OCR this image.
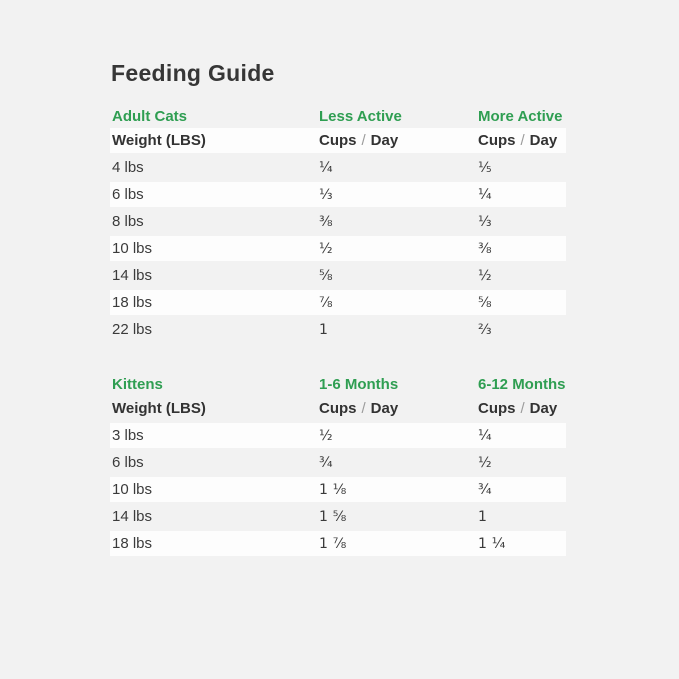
Feeding Guide
Adult Cats	Less Active	More Active
Weight (LBS)	Cups / Day	Cups / Day
4 lbs	¼	⅕
6 lbs	⅓	¼
8 lbs	⅜	⅓
10 lbs	½	⅜
14 lbs	⅝	½
18 lbs	⅞	⅝
22 lbs	1	⅔
Kittens	1-6 Months	6-12 Months
Weight (LBS)	Cups / Day	Cups / Day
3 lbs	½	¼
6 lbs	¾	½
10 lbs	1 ⅛	¾
14 lbs	1 ⅝	1
18 lbs	1 ⅞	1 ¼
